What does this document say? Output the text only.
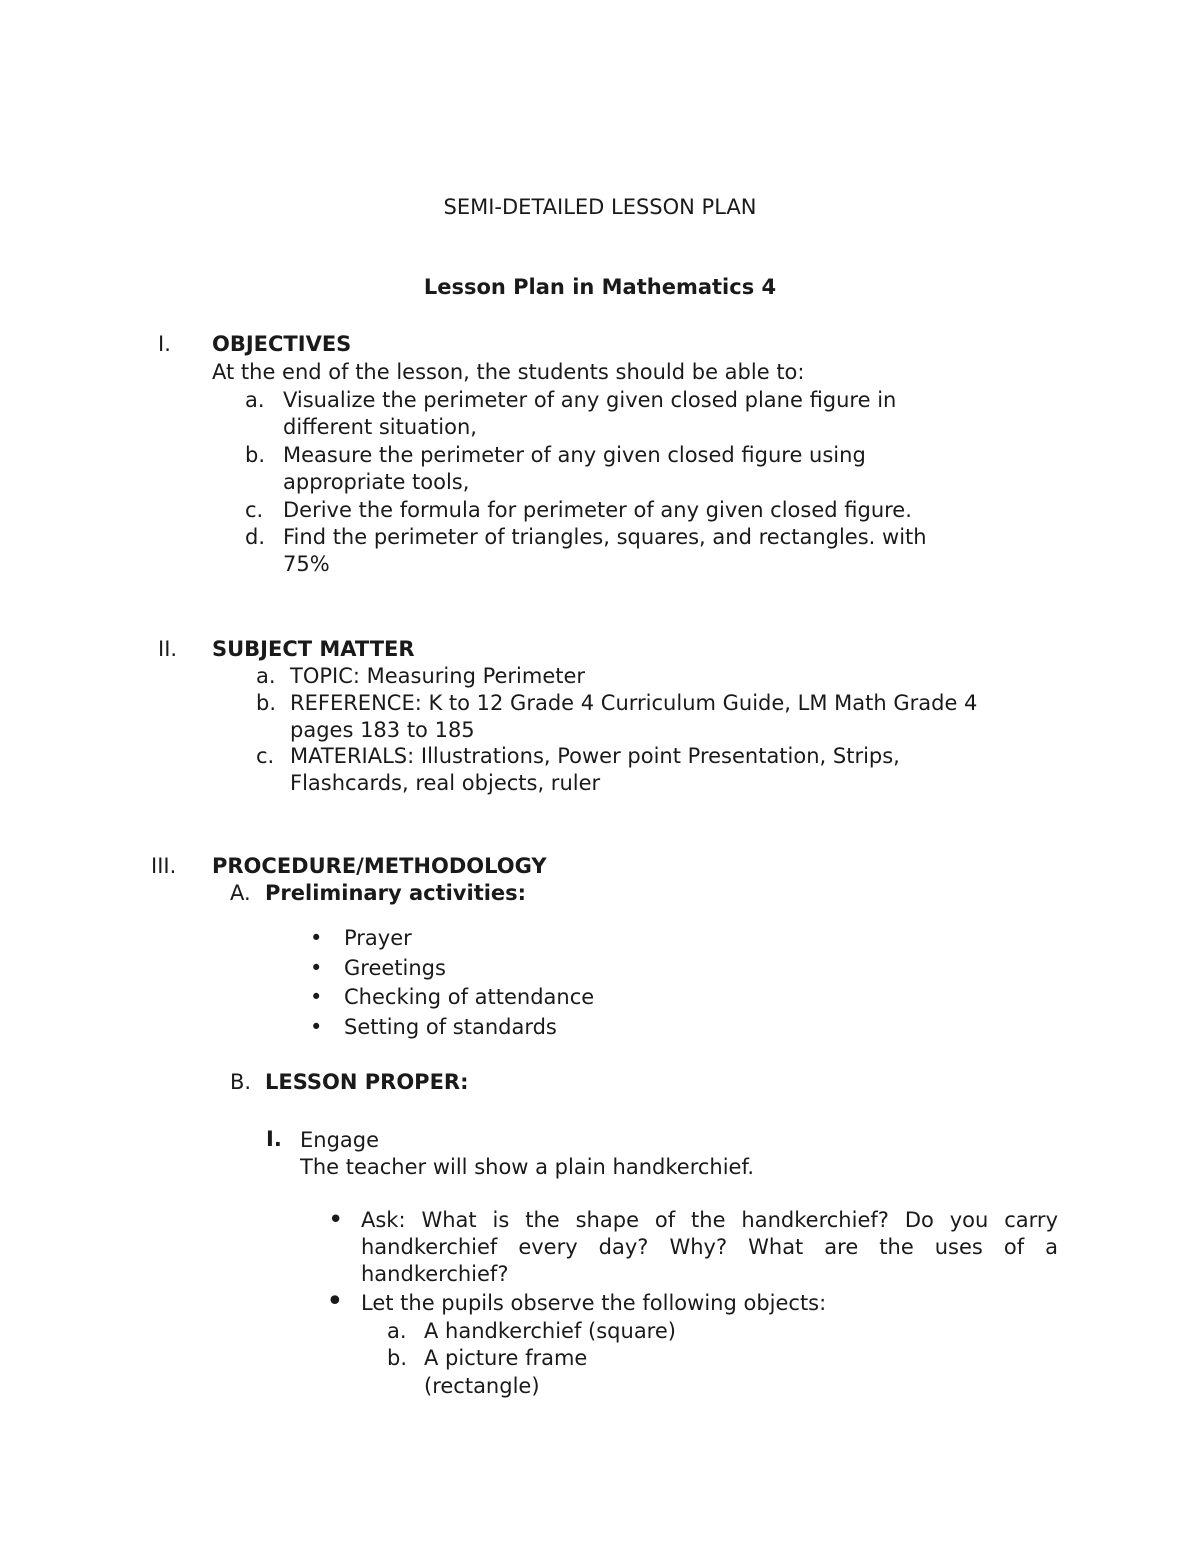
SEMI-DETAILED LESSON PLAN
Lesson Plan in Mathematics 4
I. OBJECTIVES
At the end of the lesson, the students should be able to:
a. Visualize the perimeter of any given closed plane figure in
different situation,
b. Measure the perimeter of any given closed figure using
appropriate tools,
c. Derive the formula for perimeter of any given closed figure.
d. Find the perimeter of triangles, squares, and rectangles. with
75%
II. SUBJECT MATTER
a. TOPIC: Measuring Perimeter
b. REFERENCE: K to 12 Grade 4 Curriculum Guide, LM Math Grade 4
pages 183 to 185
c. MATERIALS: Illustrations, Power point Presentation, Strips,
Flashcards, real objects, ruler
III. PROCEDURE/METHODOLOGY
A. Preliminary activities:
• Prayer
• Greetings
• Checking of attendance
• Setting of standards
B. LESSON PROPER:
I. Engage
The teacher will show a plain handkerchief.
• Ask: What is the shape of the handkerchief? Do you carry handkerchief every day? Why? What are the uses of a handkerchief?
• Let the pupils observe the following objects:
a. A handkerchief (square)
b. A picture frame
(rectangle)
